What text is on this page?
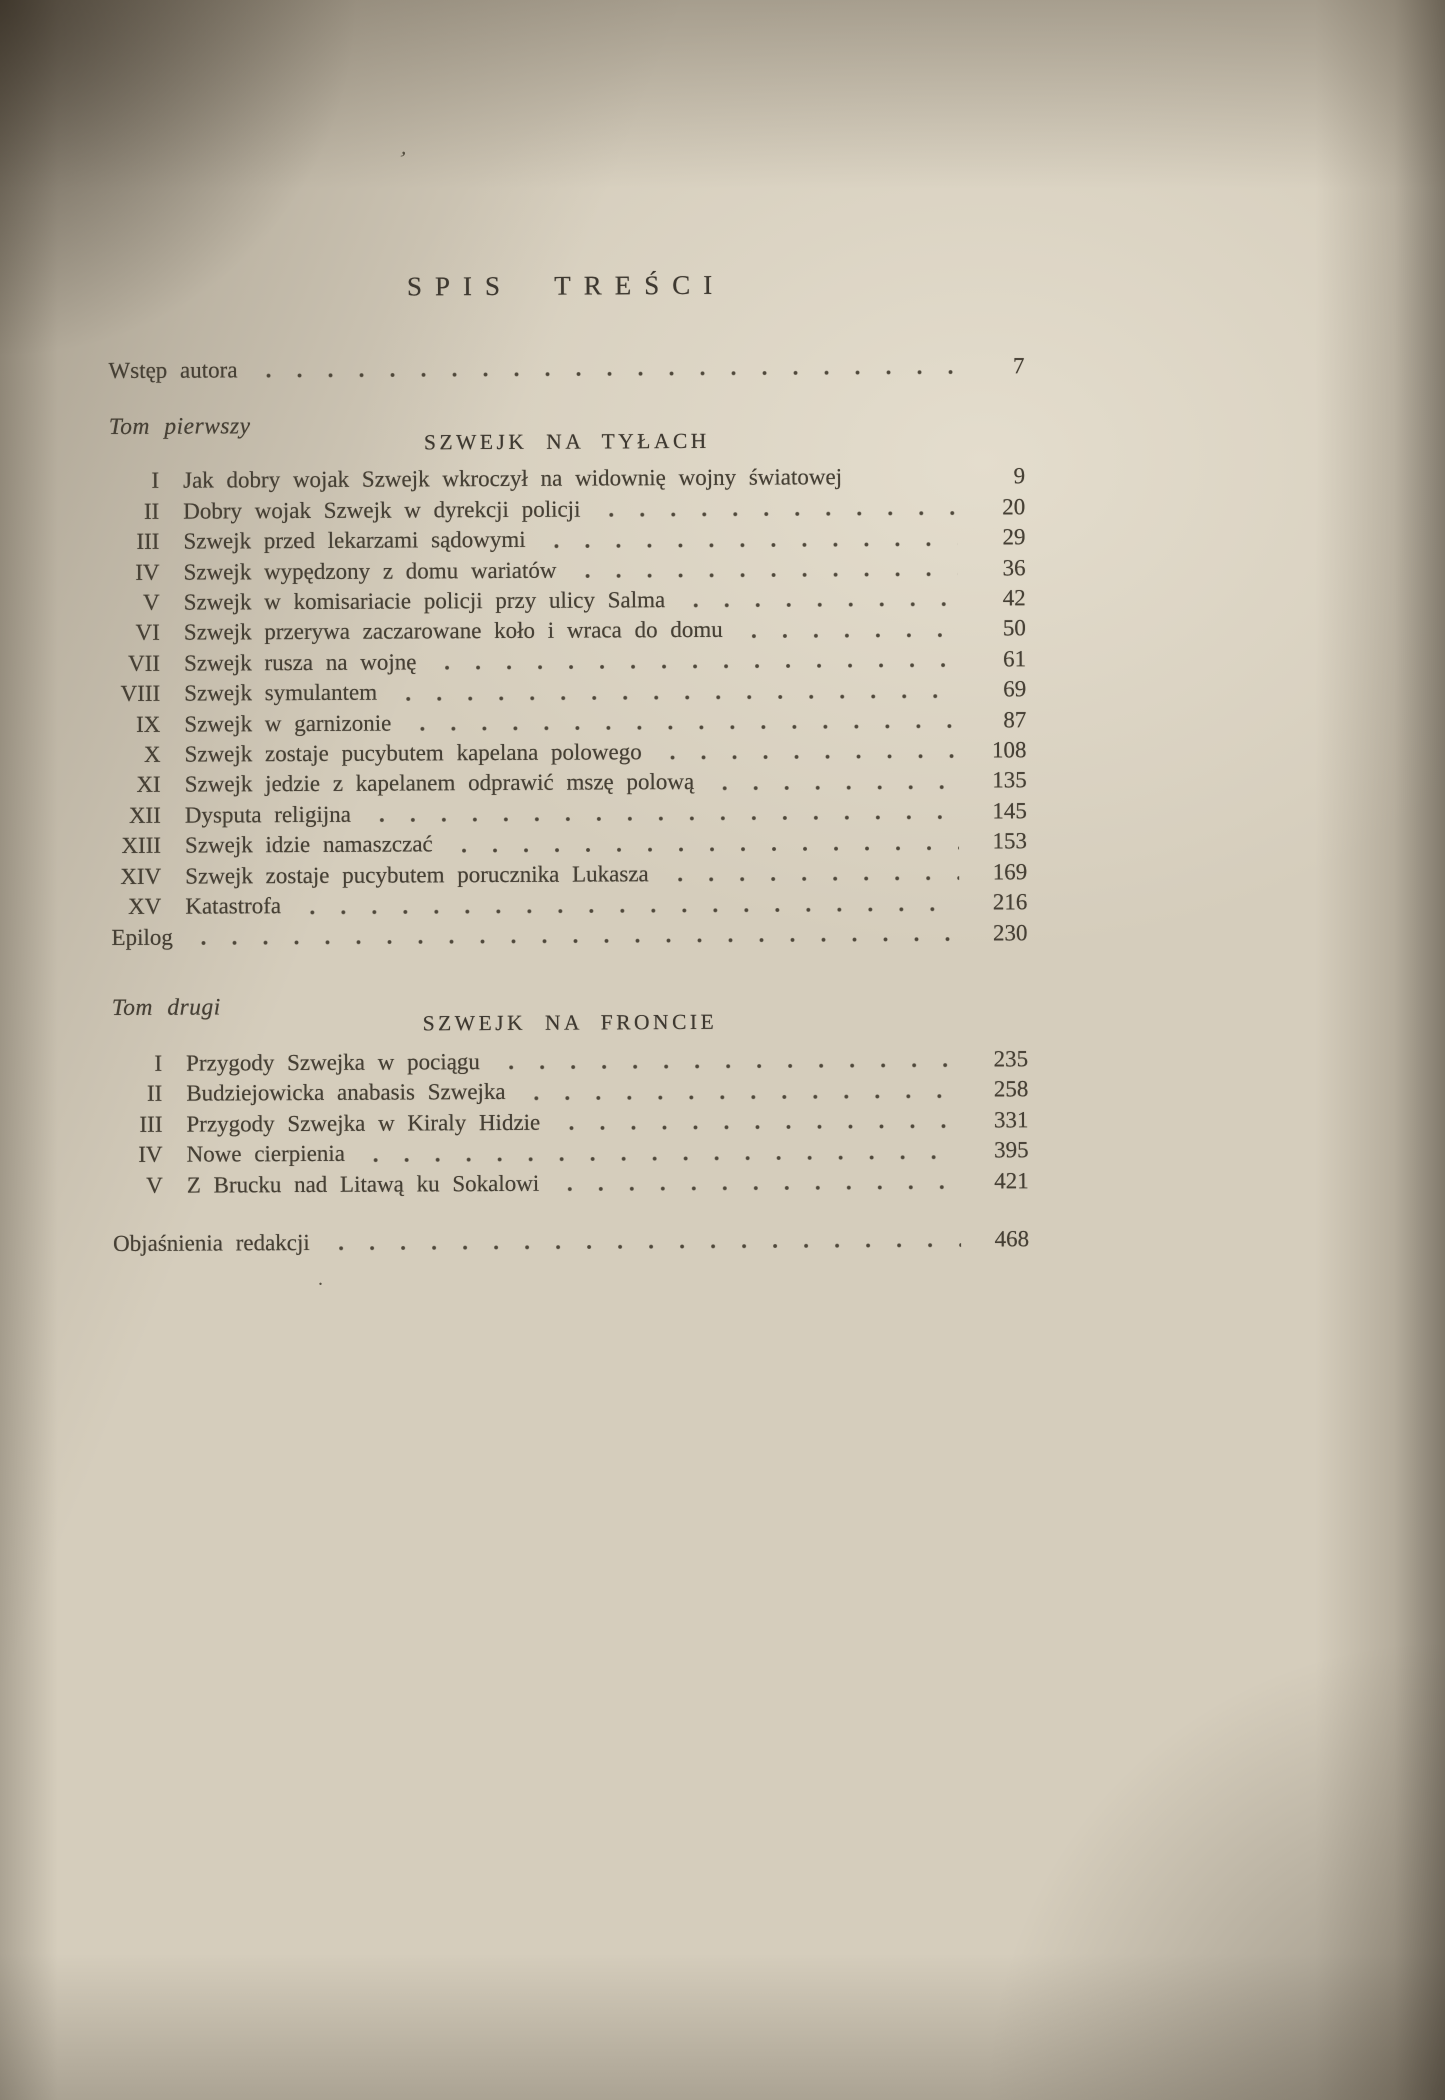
’
.
SPIS TREŚCI
Wstęp autora	7
Tom pierwszy
SZWEJK NA TYŁACH
I Jak dobry wojak Szwejk wkroczył na widownię wojny światowej	9
II Dobry wojak Szwejk w dyrekcji policji	20
III Szwejk przed lekarzami sądowymi	29
IV Szwejk wypędzony z domu wariatów	36
V Szwejk w komisariacie policji przy ulicy Salma	42
VI Szwejk przerywa zaczarowane koło i wraca do domu	50
VII Szwejk rusza na wojnę	61
VIII Szwejk symulantem	69
IX Szwejk w garnizonie	87
X Szwejk zostaje pucybutem kapelana polowego	108
XI Szwejk jedzie z kapelanem odprawić mszę polową	135
XII Dysputa religijna	145
XIII Szwejk idzie namaszczać	153
XIV Szwejk zostaje pucybutem porucznika Lukasza	169
XV Katastrofa	216
Epilog	230
Tom drugi
SZWEJK NA FRONCIE
I Przygody Szwejka w pociągu	235
II Budziejowicka anabasis Szwejka	258
III Przygody Szwejka w Kiraly Hidzie	331
IV Nowe cierpienia	395
V Z Brucku nad Litawą ku Sokalowi	421
Objaśnienia redakcji	468
